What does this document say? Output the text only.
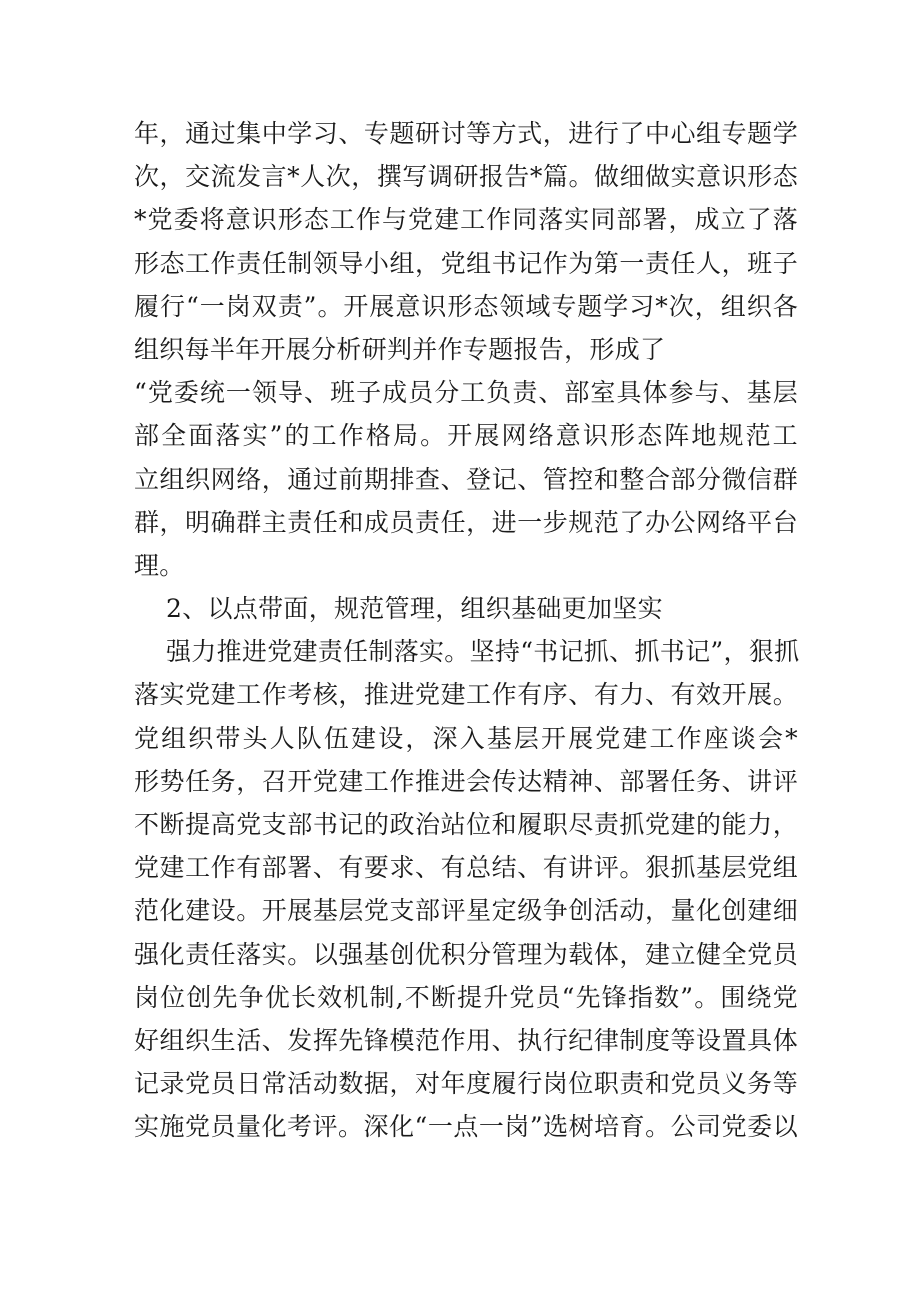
年，通过集中学习、专题研讨等方式，进行了中心组专题学
次，交流发言*人次，撰写调研报告*篇。做细做实意识形态
*党委将意识形态工作与党建工作同落实同部署，成立了落
形态工作责任制领导小组，党组书记作为第一责任人，班子
履行“一岗双责”。开展意识形态领域专题学习*次，组织各
组织每半年开展分析研判并作专题报告，形成了
“党委统一领导、班子成员分工负责、部室具体参与、基层
部全面落实”的工作格局。开展网络意识形态阵地规范工
立组织网络，通过前期排查、登记、管控和整合部分微信群
群，明确群主责任和成员责任，进一步规范了办公网络平台
理。
2、以点带面，规范管理，组织基础更加坚实
强力推进党建责任制落实。坚持“书记抓、抓书记”，狠抓
落实党建工作考核，推进党建工作有序、有力、有效开展。
党组织带头人队伍建设，深入基层开展党建工作座谈会*
形势任务，召开党建工作推进会传达精神、部署任务、讲评
不断提高党支部书记的政治站位和履职尽责抓党建的能力，
党建工作有部署、有要求、有总结、有讲评。狠抓基层党组
范化建设。开展基层党支部评星定级争创活动，量化创建细
强化责任落实。以强基创优积分管理为载体，建立健全党员
岗位创先争优长效机制,不断提升党员“先锋指数”。围绕党
好组织生活、发挥先锋模范作用、执行纪律制度等设置具体
记录党员日常活动数据，对年度履行岗位职责和党员义务等
实施党员量化考评。深化“一点一岗”选树培育。公司党委以
